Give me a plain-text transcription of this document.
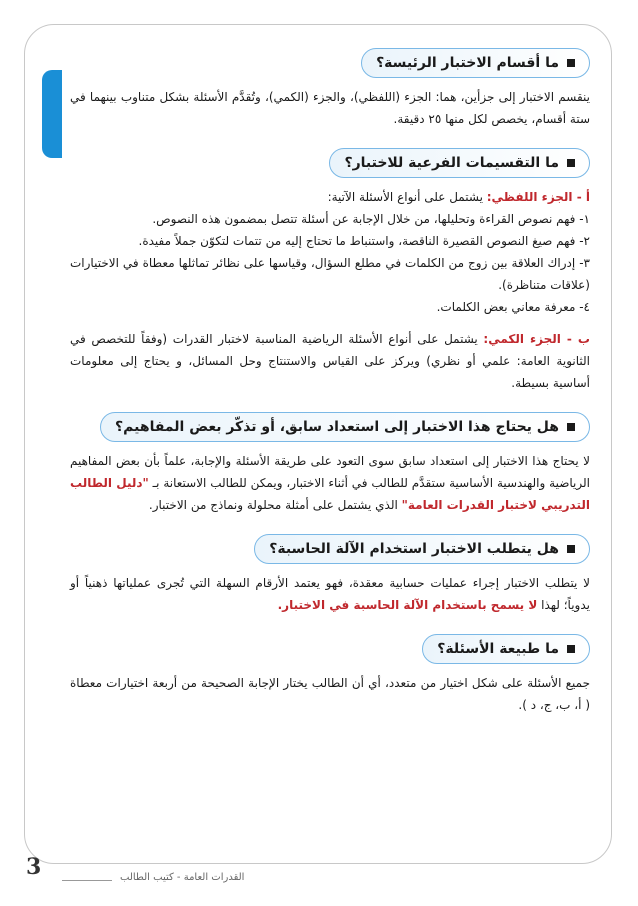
ما أقسام الاختبار الرئيسة؟

ينقسم الاختبار إلى جزأين، هما: الجزء (اللفظي)، والجزء (الكمي)، وتُقدَّم الأسئلة بشكل متناوب بينهما في ستة أقسام، يخصص لكل منها ٢٥ دقيقة.

ما التقسيمات الفرعية للاختبار؟

أ - الجزء اللفظي: يشتمل على أنواع الأسئلة الآتية:

١- فهم نصوص القراءة وتحليلها، من خلال الإجابة عن أسئلة تتصل بمضمون هذه النصوص.

٢- فهم صيغ النصوص القصيرة الناقصة، واستنباط ما تحتاج إليه من تتمات لتكوّن جملاً مفيدة.

٣- إدراك العلاقة بين زوج من الكلمات في مطلع السؤال، وقياسها على نظائر تماثلها معطاة في الاختيارات (علاقات متناظرة).

٤- معرفة معاني بعض الكلمات.

ب - الجزء الكمي: يشتمل على أنواع الأسئلة الرياضية المناسبة لاختبار القدرات (وفقاً للتخصص في الثانوية العامة: علمي أو نظري) ويركز على القياس والاستنتاج وحل المسائل، و يحتاج إلى معلومات أساسية بسيطة.

هل يحتاج هذا الاختبار إلى استعداد سابق، أو تذكّر بعض المفاهيم؟

لا يحتاج هذا الاختبار إلى استعداد سابق سوى التعود على طريقة الأسئلة والإجابة، علماً بأن بعض المفاهيم الرياضية والهندسية الأساسية ستقدَّم للطالب في أثناء الاختبار، ويمكن للطالب الاستعانة بـ "دليل الطالب التدريبي لاختبار القدرات العامة" الذي يشتمل على أمثلة محلولة ونماذج من الاختبار.

هل يتطلب الاختبار استخدام الآلة الحاسبة؟

لا يتطلب الاختبار إجراء عمليات حسابية معقدة، فهو يعتمد الأرقام السهلة التي تُجرى عملياتها ذهنياً أو يدوياً؛ لهذا لا يسمح باستخدام الآلة الحاسبة في الاختبار.

ما طبيعة الأسئلة؟

جميع الأسئلة على شكل اختيار من متعدد، أي أن الطالب يختار الإجابة الصحيحة من أربعة اختيارات معطاة ( أ، ب، ج، د ).

3	القدرات العامة - كتيب الطالب
